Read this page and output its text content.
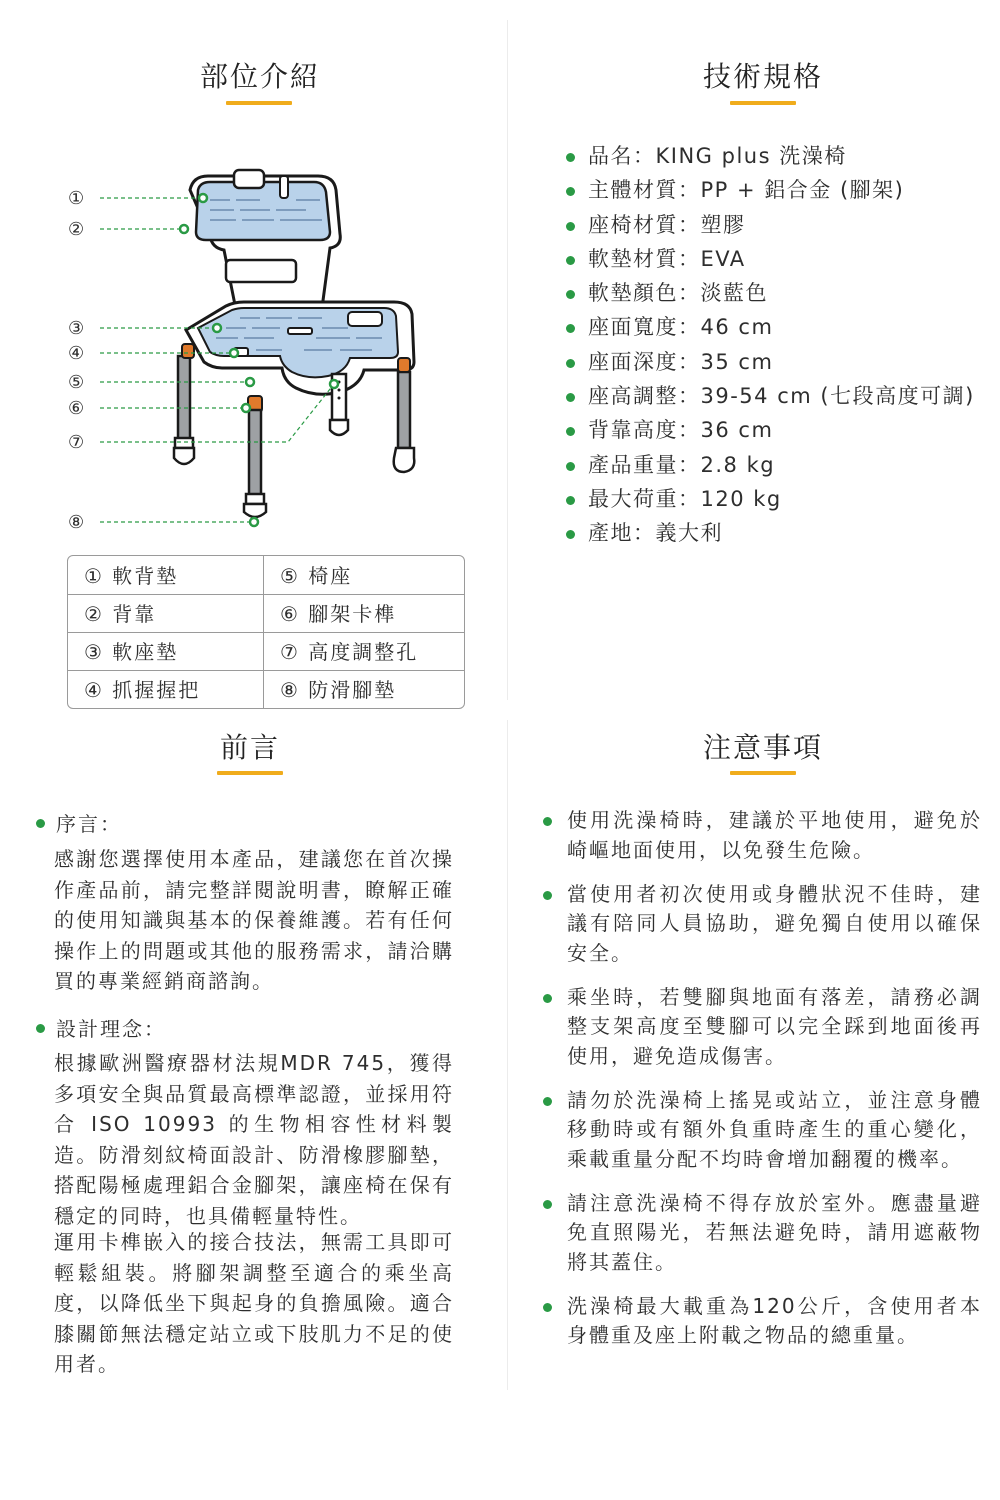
部位介紹
①
②
③
④
⑤
⑥
⑦
⑧
① 軟背墊	⑤ 椅座
② 背靠	⑥ 腳架卡榫
③ 軟座墊	⑦ 高度調整孔
④ 抓握握把	⑧ 防滑腳墊
技術規格
品名：KING plus 洗澡椅
主體材質：PP + 鋁合金 (腳架)
座椅材質：塑膠
軟墊材質：EVA
軟墊顏色：淡藍色
座面寬度：46 cm
座面深度：35 cm
座高調整：39-54 cm (七段高度可調)
背靠高度：36 cm
產品重量：2.8 kg
最大荷重：120 kg
產地：義大利
前言
序言：
感謝您選擇使用本產品，建議您在首次操作產品前，請完整詳閱說明書，瞭解正確的使用知識與基本的保養維護。若有任何操作上的問題或其他的服務需求，請洽購買的專業經銷商諮詢。
設計理念：
根據歐洲醫療器材法規MDR 745，獲得多項安全與品質最高標準認證，並採用符合 ISO 10993 的生物相容性材料製造。防滑刻紋椅面設計、防滑橡膠腳墊，搭配陽極處理鋁合金腳架，讓座椅在保有穩定的同時，也具備輕量特性。
運用卡榫嵌入的接合技法，無需工具即可輕鬆組裝。將腳架調整至適合的乘坐高度，以降低坐下與起身的負擔風險。適合膝關節無法穩定站立或下肢肌力不足的使用者。
注意事項
使用洗澡椅時，建議於平地使用，避免於崎嶇地面使用，以免發生危險。
當使用者初次使用或身體狀況不佳時，建議有陪同人員協助，避免獨自使用以確保安全。
乘坐時，若雙腳與地面有落差，請務必調整支架高度至雙腳可以完全踩到地面後再使用，避免造成傷害。
請勿於洗澡椅上搖晃或站立，並注意身體移動時或有額外負重時產生的重心變化，乘載重量分配不均時會增加翻覆的機率。
請注意洗澡椅不得存放於室外。應盡量避免直照陽光，若無法避免時，請用遮蔽物將其蓋住。
洗澡椅最大載重為120公斤，含使用者本身體重及座上附載之物品的總重量。
